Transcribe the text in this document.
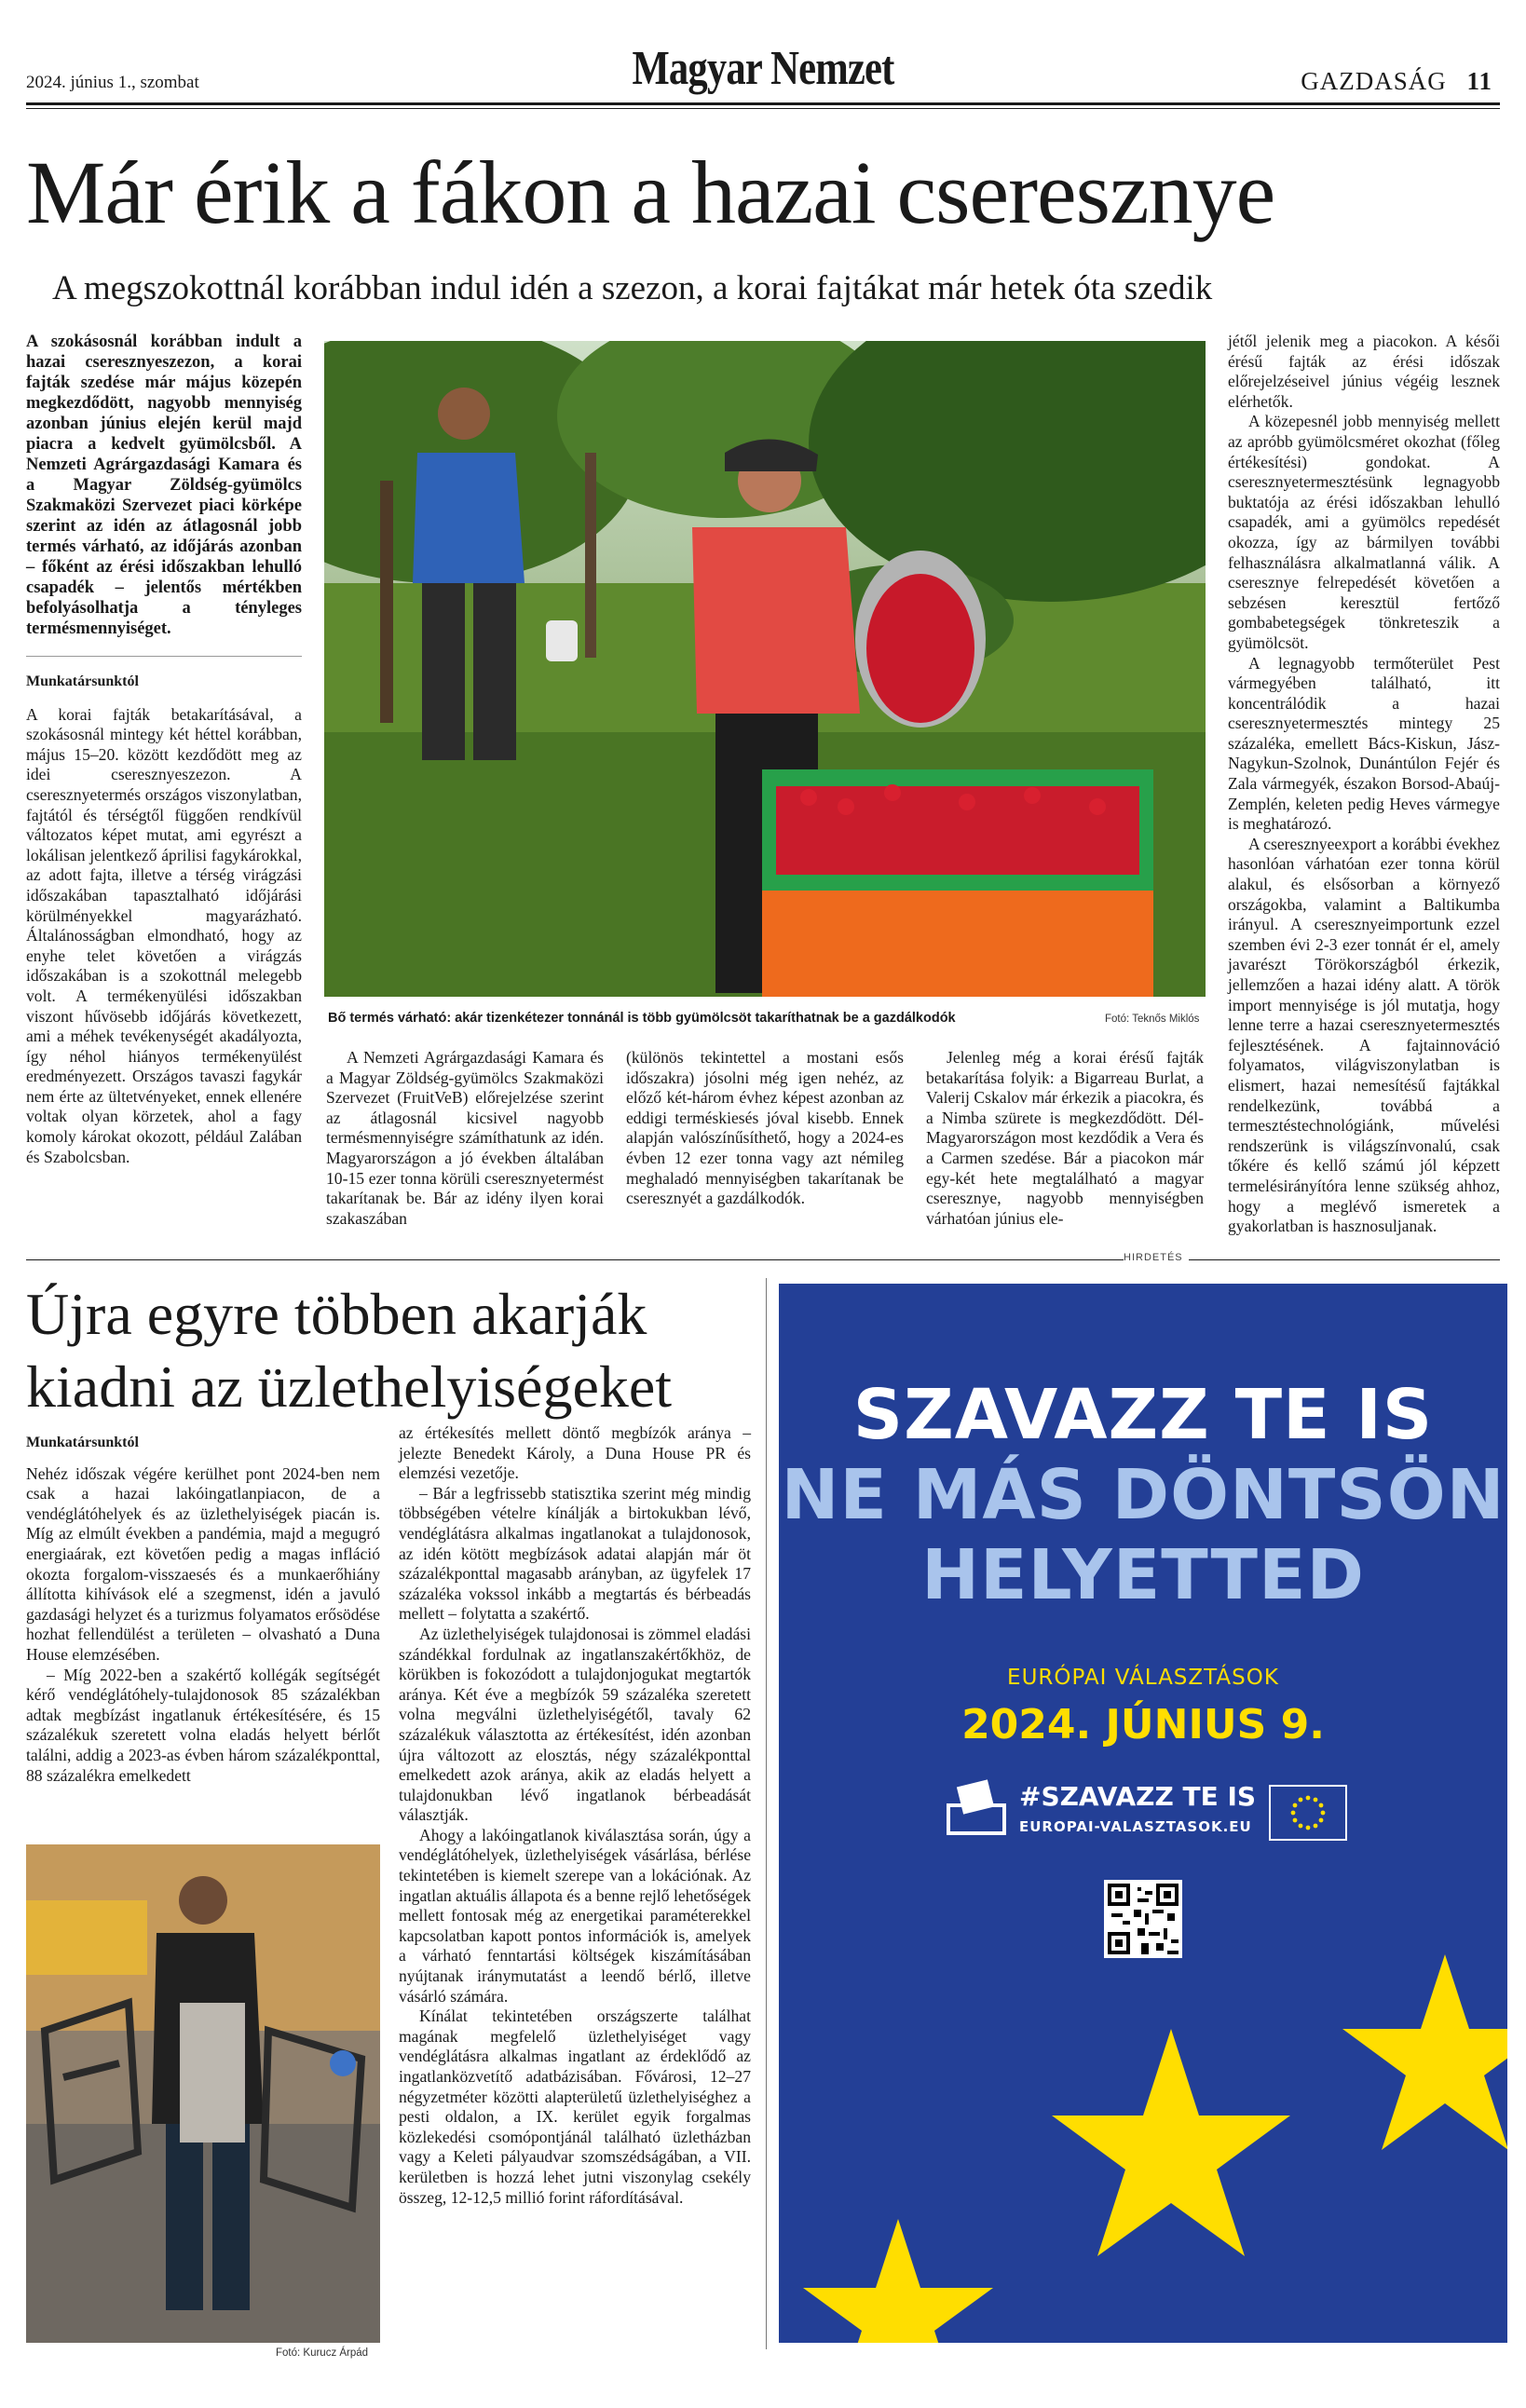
2024. június 1., szombat	Magyar Nemzet	GAZDASÁG 11
Már érik a fákon a hazai cseresznye
A megszokottnál korábban indul idén a szezon, a korai fajtákat már hetek óta szedik

A szokásosnál korábban indult a hazai cseresznyeszezon, a korai fajták szedése már május közepén megkezdődött, nagyobb mennyiség azonban június elején kerül majd piacra a kedvelt gyümölcsből. A Nemzeti Agrárgazdasági Kamara és a Magyar Zöldség-gyümölcs Szakmaközi Szervezet piaci körképe szerint az idén az átlagosnál jobb termés várható, az időjárás azonban – főként az érési időszakban lehulló csapadék – jelentős mértékben befolyásolhatja a tényleges termésmennyiséget.

Munkatársunktól

A korai fajták betakarításával, a szokásosnál mintegy két héttel korábban, május 15–20. között kezdődött meg az idei cseresznyeszezon. A cseresznyetermés országos viszonylatban, fajtától és térségtől függően rendkívül változatos képet mutat, ami egyrészt a lokálisan jelentkező áprilisi fagykárokkal, az adott fajta, illetve a térség virágzási időszakában tapasztalható időjárási körülményekkel magyarázható. Általánosságban elmondható, hogy az enyhe telet követően a virágzás időszakában is a szokottnál melegebb volt. A termékenyülési időszakban viszont hűvösebb időjárás következett, ami a méhek tevékenységét akadályozta, így néhol hiányos termékenyülést eredményezett. Országos tavaszi fagykár nem érte az ültetvényeket, ennek ellenére voltak olyan körzetek, ahol a fagy komoly károkat okozott, például Zalában és Szabolcsban.

Bő termés várható: akár tizenkétezer tonnánál is több gyümölcsöt takaríthatnak be a gazdálkodók	Fotó: Teknős Miklós

A Nemzeti Agrárgazdasági Kamara és a Magyar Zöldség-gyümölcs Szakmaközi Szervezet (FruitVeB) előrejelzése szerint az átlagosnál kicsivel nagyobb termésmennyiségre számíthatunk az idén. Magyarországon a jó években általában 10-15 ezer tonna körüli cseresznyetermést takarítanak be. Bár az idény ilyen korai szakaszában

(különös tekintettel a mostani esős időszakra) jósolni még igen nehéz, az előző két-három évhez képest azonban az eddigi terméskiesés jóval kisebb. Ennek alapján valószínűsíthető, hogy a 2024-es évben 12 ezer tonna vagy azt némileg meghaladó mennyiségben takarítanak be cseresznyét a gazdálkodók.

Jelenleg még a korai érésű fajták betakarítása folyik: a Bigarreau Burlat, a Valerij Cskalov már érkezik a piacokra, és a Nimba szürete is megkezdődött. Dél-Magyarországon most kezdődik a Vera és a Carmen szedése. Bár a piacokon már egy-két hete megtalálható a magyar cseresznye, nagyobb mennyiségben várhatóan június ele-

jétől jelenik meg a piacokon. A késői érésű fajták az érési időszak előrejelzéseivel június végéig lesznek elérhetők.

A közepesnél jobb mennyiség mellett az apróbb gyümölcsméret okozhat (főleg értékesítési) gondokat. A cseresznyetermesztésünk legnagyobb buktatója az érési időszakban lehulló csapadék, ami a gyümölcs repedését okozza, így az bármilyen további felhasználásra alkalmatlanná válik. A cseresznye felrepedését követően a sebzésen keresztül fertőző gombabetegségek tönkreteszik a gyümölcsöt.

A legnagyobb termőterület Pest vármegyében található, itt koncentrálódik a hazai cseresznyetermesztés mintegy 25 százaléka, emellett Bács-Kiskun, Jász-Nagykun-Szolnok, Dunántúlon Fejér és Zala vármegyék, északon Borsod-Abaúj-Zemplén, keleten pedig Heves vármegye is meghatározó.

A cseresznyeexport a korábbi évekhez hasonlóan várhatóan ezer tonna körül alakul, és elsősorban a környező országokba, valamint a Baltikumba irányul. A cseresznyeimportunk ezzel szemben évi 2-3 ezer tonnát ér el, amely javarészt Törökországból érkezik, jellemzően a hazai idény alatt. A török import mennyisége is jól mutatja, hogy lenne terre a hazai cseresznyetermesztés fejlesztésének. A fajtainnováció folyamatos, világviszonylatban is elismert, hazai nemesítésű fajtákkal rendelkezünk, továbbá a termesztéstechnológiánk, művelési rendszerünk is világszínvonalú, csak tőkére és kellő számú jól képzett termelésirányítóra lenne szükség ahhoz, hogy a meglévő ismeretek a gyakorlatban is hasznosuljanak.

HIRDETÉS
Újra egyre többen akarják
kiadni az üzlethelyiségeket
Munkatársunktól

Nehéz időszak végére kerülhet pont 2024-ben nem csak a hazai lakóingatlanpiacon, de a vendéglátóhelyek és az üzlethelyiségek piacán is. Míg az elmúlt években a pandémia, majd a megugró energiaárak, ezt követően pedig a magas infláció okozta forgalom-visszaesés és a munkaerőhiány állította kihívások elé a szegmenst, idén a javuló gazdasági helyzet és a turizmus folyamatos erősödése hozhat fellendülést a területen – olvasható a Duna House elemzésében.

– Míg 2022-ben a szakértő kollégák segítségét kérő vendéglátóhely-tulajdonosok 85 százalékban adtak megbízást ingatlanuk értékesítésére, és 15 százalékuk szeretett volna eladás helyett bérlőt találni, addig a 2023-as évben három százalékponttal, 88 százalékra emelkedett

Fotó: Kurucz Árpád

az értékesítés mellett döntő megbízók aránya – jelezte Benedekt Károly, a Duna House PR és elemzési vezetője.

– Bár a legfrissebb statisztika szerint még mindig többségében vételre kínálják a birtokukban lévő, vendéglátásra alkalmas ingatlanokat a tulajdonosok, az idén kötött megbízások adatai alapján már öt százalékponttal magasabb arányban, az ügyfelek 17 százaléka vokssol inkább a megtartás és bérbeadás mellett – folytatta a szakértő.

Az üzlethelyiségek tulajdonosai is zömmel eladási szándékkal fordulnak az ingatlanszakértőkhöz, de körükben is fokozódott a tulajdonjogukat megtartók aránya. Két éve a megbízók 59 százaléka szeretett volna megválni üzlethelyiségétől, tavaly 62 százalékuk választotta az értékesítést, idén azonban újra változott az elosztás, négy százalékponttal emelkedett azok aránya, akik az eladás helyett a tulajdonukban lévő ingatlanok bérbeadását választják.

Ahogy a lakóingatlanok kiválasztása során, úgy a vendéglátóhelyek, üzlethelyiségek vásárlása, bérlése tekintetében is kiemelt szerepe van a lokációnak. Az ingatlan aktuális állapota és a benne rejlő lehetőségek mellett fontosak még az energetikai paraméterekkel kapcsolatban kapott pontos információk is, amelyek a várható fenntartási költségek kiszámításában nyújtanak iránymutatást a leendő bérlő, illetve vásárló számára.

Kínálat tekintetében országszerte találhat magának megfelelő üzlethelyiséget vagy vendéglátásra alkalmas ingatlant az érdeklődő az ingatlanközvetítő adatbázisában. Fővárosi, 12–27 négyzetméter közötti alapterületű üzlethelyiséghez a pesti oldalon, a IX. kerület egyik forgalmas közlekedési csomópontjánál található üzletházban vagy a Keleti pályaudvar szomszédságában, a VII. kerületben is hozzá lehet jutni viszonylag csekély összeg, 12-12,5 millió forint ráfordításával.

SZAVAZZ TE IS
NE MÁS DÖNTSÖN
HELYETTED
EURÓPAI VÁLASZTÁSOK
2024. JÚNIUS 9.
#SZAVAZZ TE IS
EUROPAI-VALASZTASOK.EU
